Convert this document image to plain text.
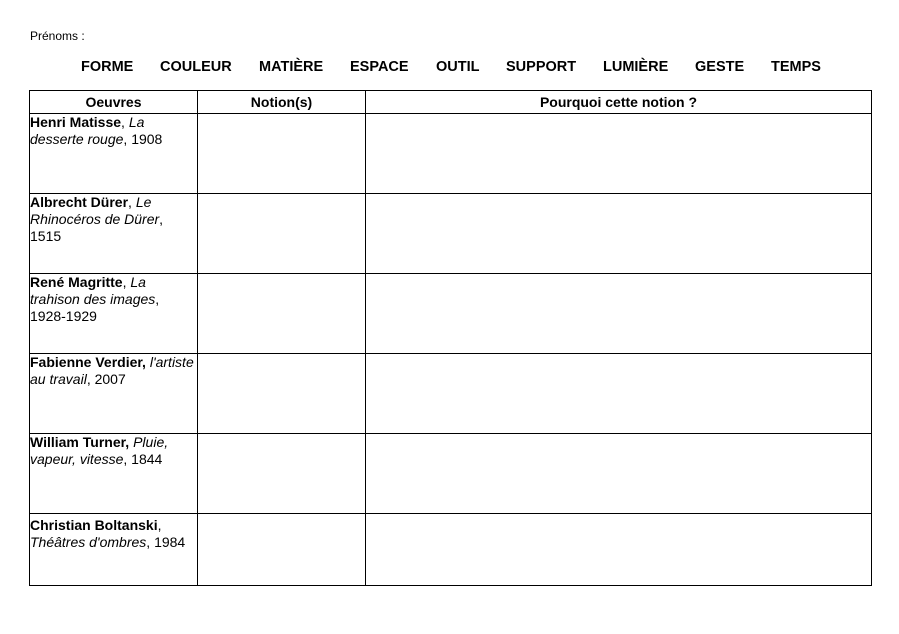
Prénoms :
FORME COULEUR MATIÈRE ESPACE OUTIL SUPPORT LUMIÈRE GESTE TEMPS
Oeuvres	Notion(s)	Pourquoi cette notion ?
Henri Matisse, La desserte rouge, 1908		
Albrecht Dürer, Le Rhinocéros de Dürer, 1515		
René Magritte, La trahison des images, 1928-1929		
Fabienne Verdier, l'artiste au travail, 2007		
William Turner, Pluie, vapeur, vitesse, 1844		
Christian Boltanski, Théâtres d'ombres, 1984		
